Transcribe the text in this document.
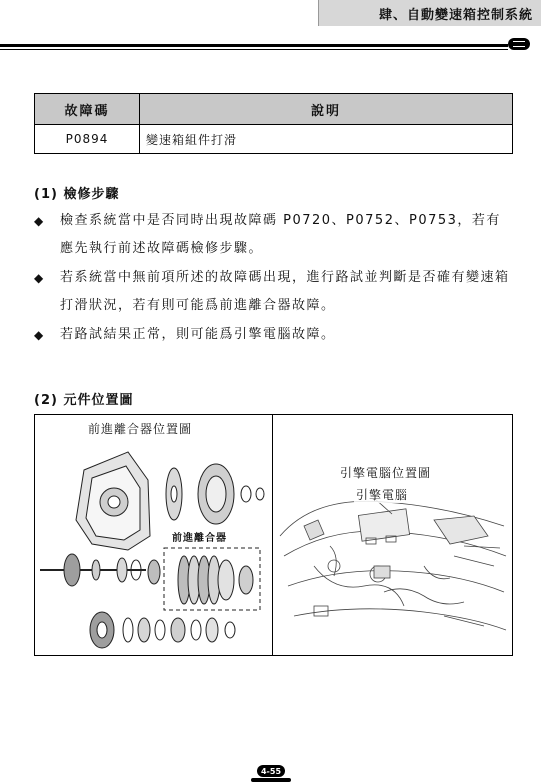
肆、自動變速箱控制系統
故障碼	說明
P0894	變速箱組件打滑
(1) 檢修步驟
◆ 檢查系統當中是否同時出現故障碼 P0720、P0752、P0753，若有應先執行前述故障碼檢修步驟。
◆ 若系統當中無前項所述的故障碼出現，進行路試並判斷是否確有變速箱打滑狀況，若有則可能爲前進離合器故障。
◆ 若路試結果正常，則可能爲引擎電腦故障。
(2) 元件位置圖
前進離合器位置圖
前進離合器
引擎電腦位置圖
引擎電腦
4-55
